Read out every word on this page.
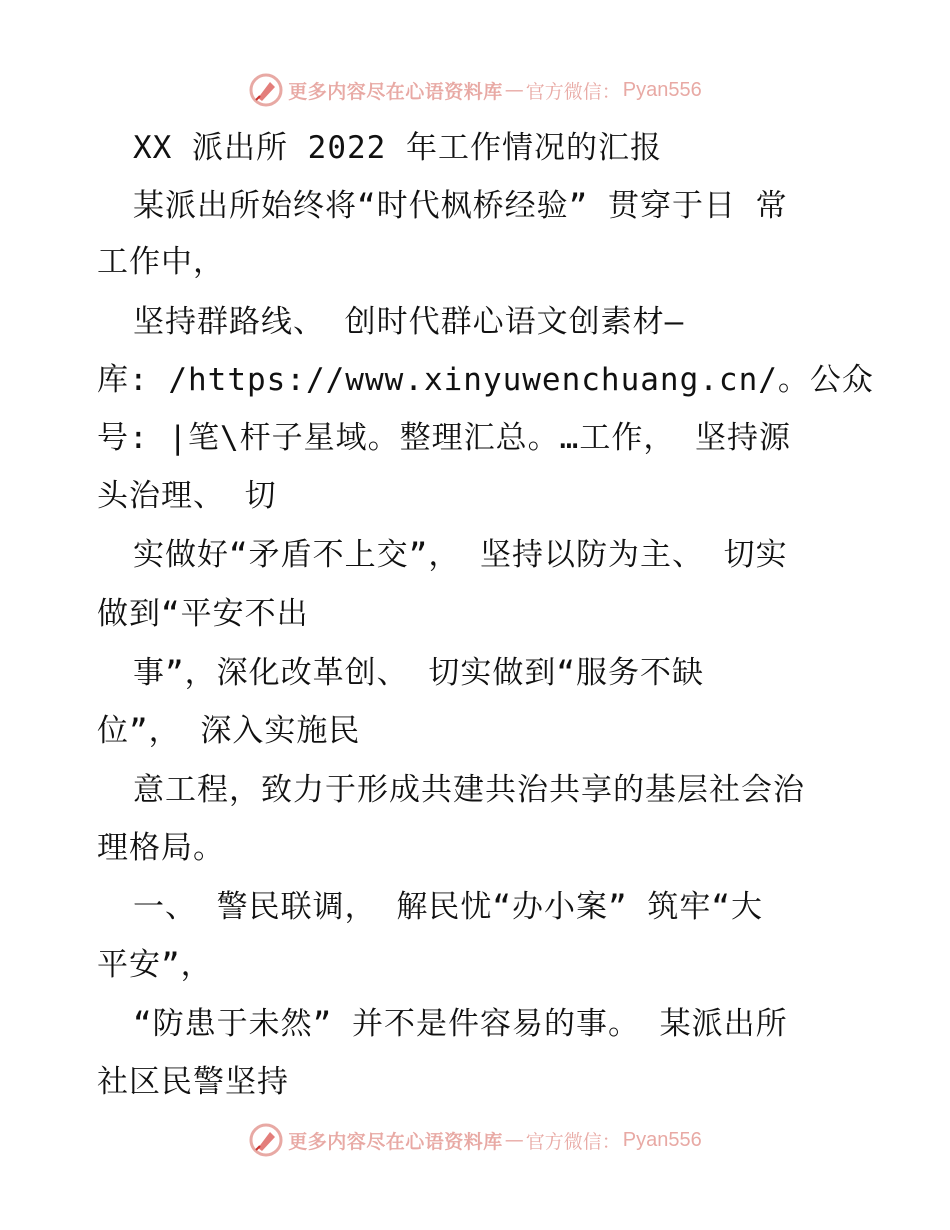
更多内容尽在心语资料库 — 官方微信： Pyan556
XX 派出所 2022 年工作情况的汇报
某派出所始终将“时代枫桥经验” 贯穿于日 常
工作中，
坚持群路线、 创时代群心语文创素材—
库: /https://www.xinyuwenchuang.cn/。公众
号: |笔\杆子星域。整理汇总。…工作， 坚持源
头治理、 切
实做好“矛盾不上交”， 坚持以防为主、 切实
做到“平安不出
事”，深化改革创、 切实做到“服务不缺
位”， 深入实施民
意工程，致力于形成共建共治共享的基层社会治
理格局。
一、 警民联调， 解民忧“办小案” 筑牢“大
平安”，
“防患于未然” 并不是件容易的事。 某派出所
社区民警坚持
更多内容尽在心语资料库 — 官方微信： Pyan556
